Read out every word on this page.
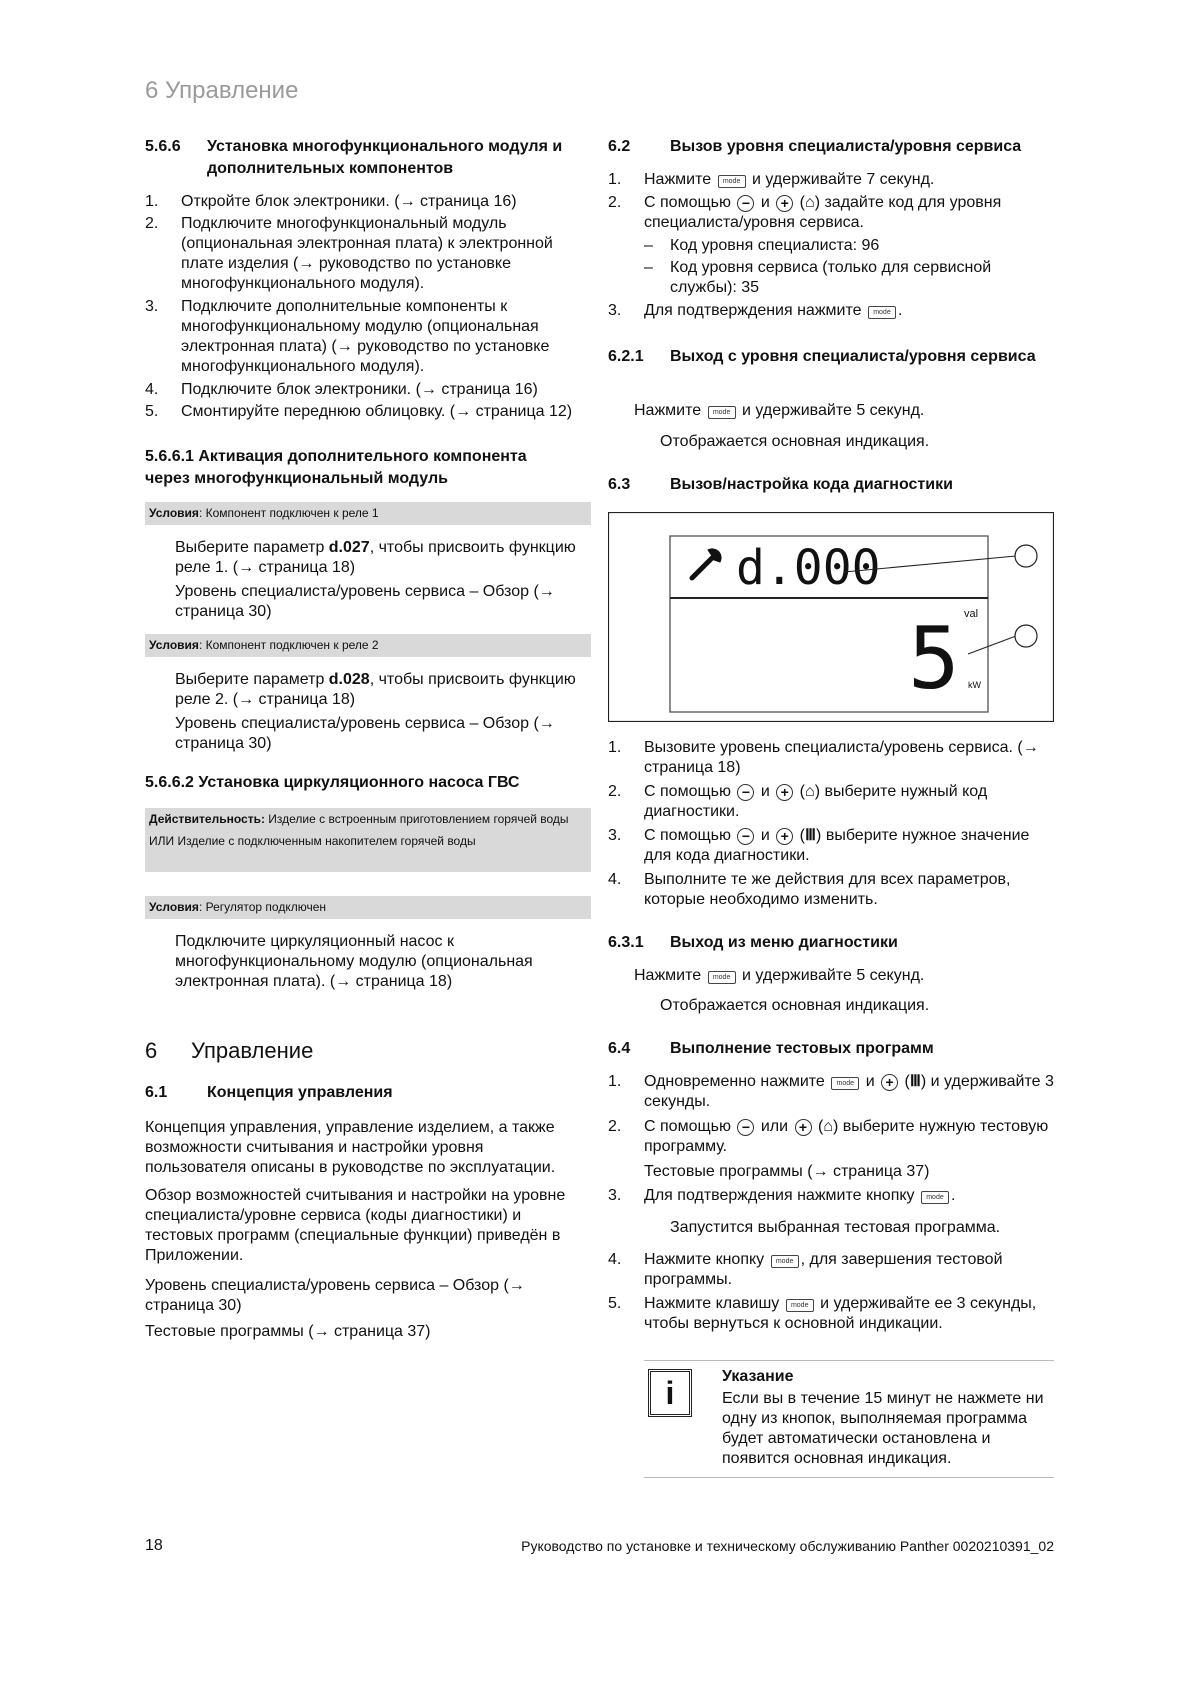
6 Управление
5.6.6 Установка многофункционального модуля и дополнительных компонентов
1. Откройте блок электроники. (→ страница 16)
2. Подключите многофункциональный модуль (опциональная электронная плата) к электронной плате изделия (→ руководство по установке многофункционального модуля).
3. Подключите дополнительные компоненты к многофункциональному модулю (опциональная электронная плата) (→ руководство по установке многофункционального модуля).
4. Подключите блок электроники. (→ страница 16)
5. Смонтируйте переднюю облицовку. (→ страница 12)
5.6.6.1 Активация дополнительного компонента через многофункциональный модуль
Условия: Компонент подключен к реле 1
Выберите параметр d.027, чтобы присвоить функцию реле 1. (→ страница 18)
Уровень специалиста/уровень сервиса – Обзор (→ страница 30)
Условия: Компонент подключен к реле 2
Выберите параметр d.028, чтобы присвоить функцию реле 2. (→ страница 18)
Уровень специалиста/уровень сервиса – Обзор (→ страница 30)
5.6.6.2 Установка циркуляционного насоса ГВС
Действительность: Изделие с встроенным приготовлением горячей воды
ИЛИ Изделие с подключенным накопителем горячей воды
Условия: Регулятор подключен
Подключите циркуляционный насос к многофункциональному модулю (опциональная электронная плата). (→ страница 18)
6 Управление
6.1 Концепция управления
Концепция управления, управление изделием, а также возможности считывания и настройки уровня пользователя описаны в руководстве по эксплуатации.
Обзор возможностей считывания и настройки на уровне специалиста/уровне сервиса (коды диагностики) и тестовых программ (специальные функции) приведён в Приложении.
Уровень специалиста/уровень сервиса – Обзор (→ страница 30)
Тестовые программы (→ страница 37)
6.2 Вызов уровня специалиста/уровня сервиса
1. Нажмите mode и удерживайте 7 секунд.
2. С помощью − и + (⌂) задайте код для уровня специалиста/уровня сервиса.
– Код уровня специалиста: 96
– Код уровня сервиса (только для сервисной службы): 35
3. Для подтверждения нажмите mode .
6.2.1 Выход с уровня специалиста/уровня сервиса
Нажмите mode и удерживайте 5 секунд.
Отображается основная индикация.
6.3 Вызов/настройка кода диагностики
d.000
val
5 kW
1. Вызовите уровень специалиста/уровень сервиса. (→ страница 18)
2. С помощью − и + (⌂) выберите нужный код диагностики.
3. С помощью − и + (Ⅲ) выберите нужное значение для кода диагностики.
4. Выполните те же действия для всех параметров, которые необходимо изменить.
6.3.1 Выход из меню диагностики
Нажмите mode и удерживайте 5 секунд.
Отображается основная индикация.
6.4 Выполнение тестовых программ
1. Одновременно нажмите mode и + (Ⅲ) и удерживайте 3 секунды.
2. С помощью − или + (⌂) выберите нужную тестовую программу.
Тестовые программы (→ страница 37)
3. Для подтверждения нажмите кнопку mode .
Запустится выбранная тестовая программа.
4. Нажмите кнопку mode , для завершения тестовой программы.
5. Нажмите клавишу mode и удерживайте ее 3 секунды, чтобы вернуться к основной индикации.
i	Указание
Если вы в течение 15 минут не нажмете ни одну из кнопок, выполняемая программа будет автоматически остановлена и появится основная индикация.
18	Руководство по установке и техническому обслуживанию Panther 0020210391_02
